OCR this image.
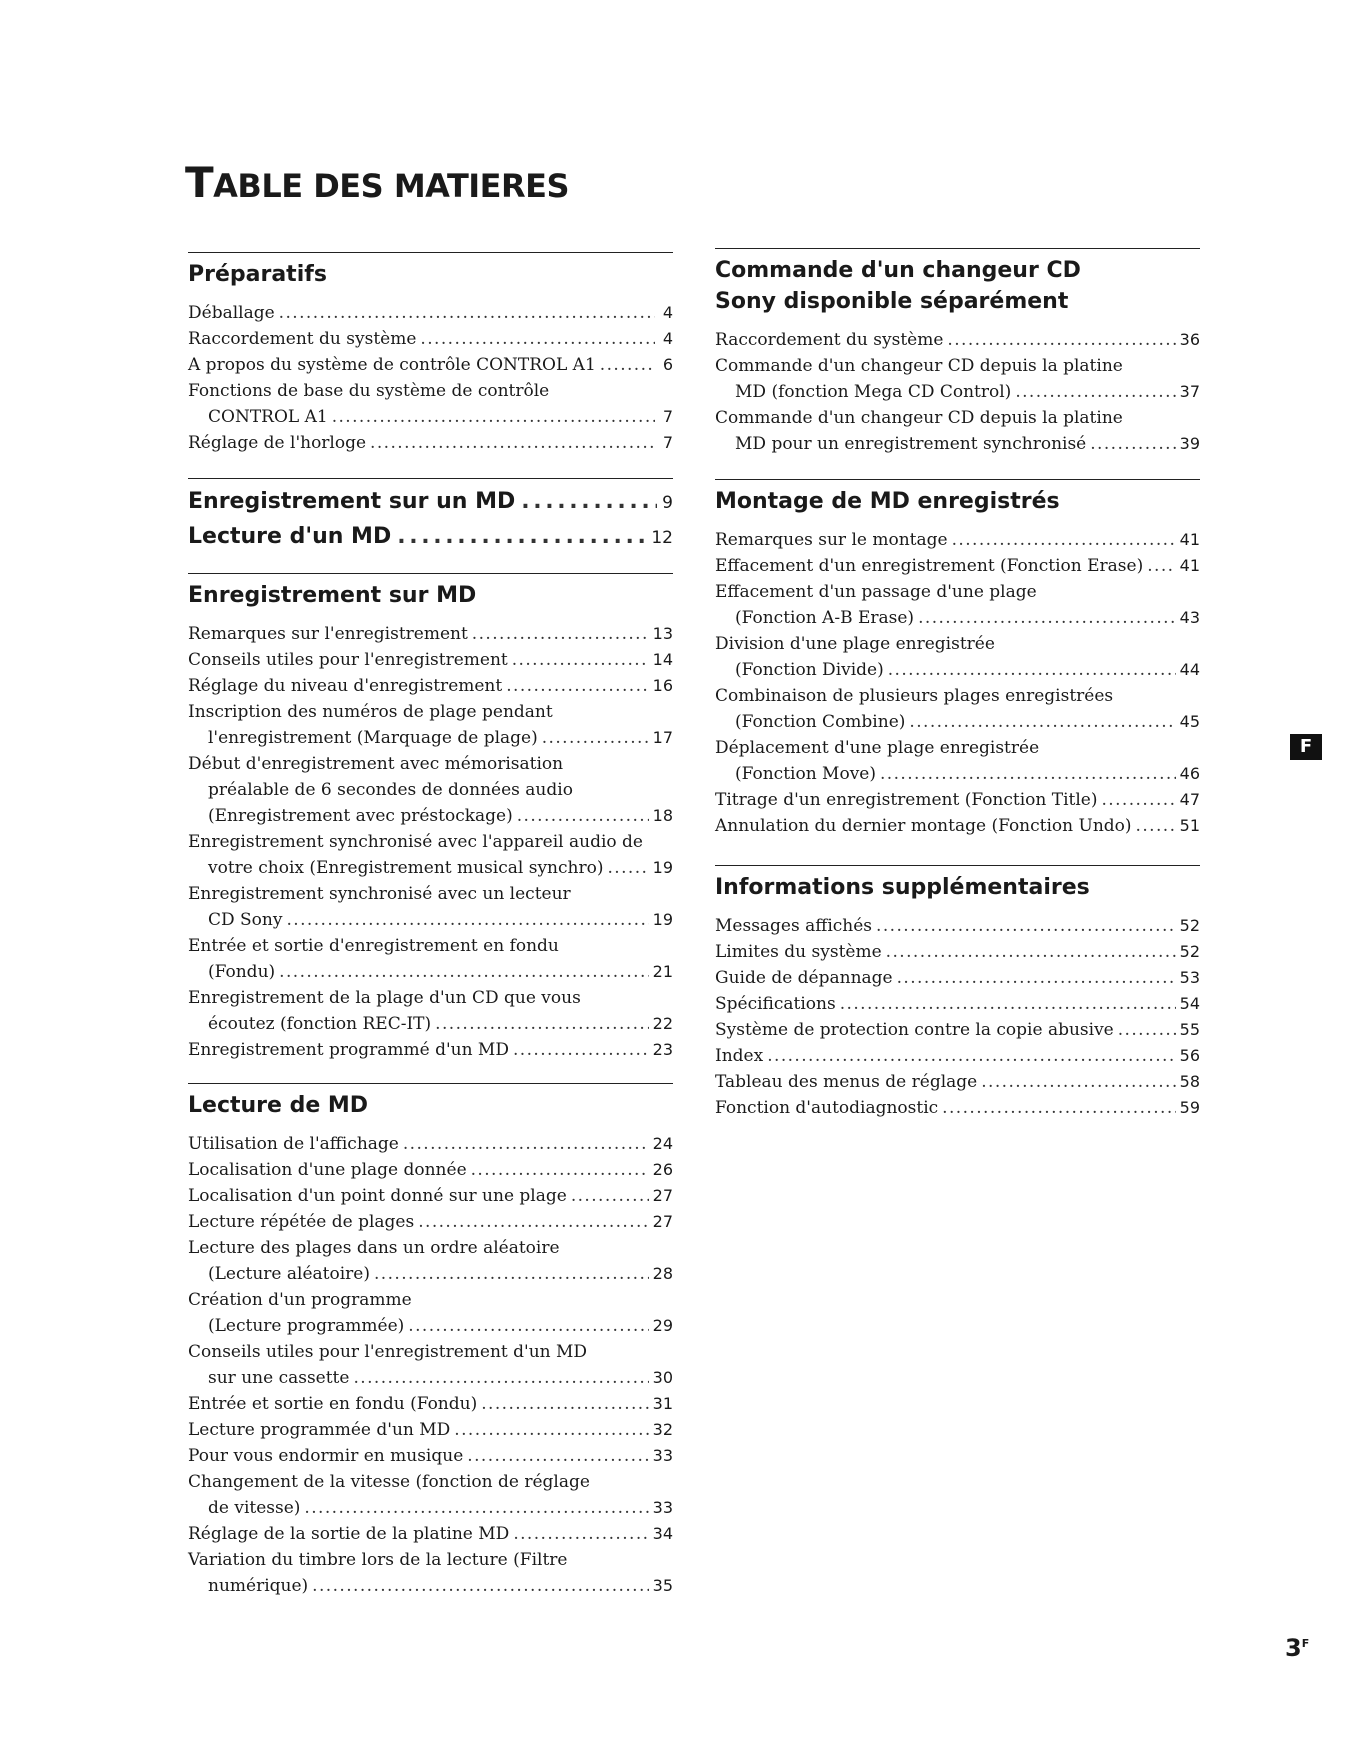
TABLE DES MATIERES
Préparatifs
Déballage . . .	4
Raccordement du système . . .	4
A propos du système de contrôle CONTROL A1 . . .	6
Fonctions de base du système de contrôle
CONTROL A1 . . .	7
Réglage de l'horloge . . .	7
Enregistrement sur un MD . . .	9
Lecture d'un MD . . .	12
Enregistrement sur MD
Remarques sur l'enregistrement . . .	13
Conseils utiles pour l'enregistrement . . .	14
Réglage du niveau d'enregistrement . . .	16
Inscription des numéros de plage pendant
l'enregistrement (Marquage de plage) . . .	17
Début d'enregistrement avec mémorisation
préalable de 6 secondes de données audio
(Enregistrement avec préstockage) . . .	18
Enregistrement synchronisé avec l'appareil audio de
votre choix (Enregistrement musical synchro) . . .	19
Enregistrement synchronisé avec un lecteur
CD Sony . . .	19
Entrée et sortie d'enregistrement en fondu
(Fondu) . . .	21
Enregistrement de la plage d'un CD que vous
écoutez (fonction REC-IT) . . .	22
Enregistrement programmé d'un MD . . .	23
Lecture de MD
Utilisation de l'affichage . . .	24
Localisation d'une plage donnée . . .	26
Localisation d'un point donné sur une plage . . .	27
Lecture répétée de plages . . .	27
Lecture des plages dans un ordre aléatoire
(Lecture aléatoire) . . .	28
Création d'un programme
(Lecture programmée) . . .	29
Conseils utiles pour l'enregistrement d'un MD
sur une cassette . . .	30
Entrée et sortie en fondu (Fondu) . . .	31
Lecture programmée d'un MD . . .	32
Pour vous endormir en musique . . .	33
Changement de la vitesse (fonction de réglage
de vitesse) . . .	33
Réglage de la sortie de la platine MD . . .	34
Variation du timbre lors de la lecture (Filtre
numérique) . . .	35
Commande d'un changeur CD Sony disponible séparément
Raccordement du système . . .	36
Commande d'un changeur CD depuis la platine
MD (fonction Mega CD Control) . . .	37
Commande d'un changeur CD depuis la platine
MD pour un enregistrement synchronisé . . .	39
Montage de MD enregistrés
Remarques sur le montage . . .	41
Effacement d'un enregistrement (Fonction Erase) . . . 41
Effacement d'un passage d'une plage
(Fonction A-B Erase) . . .	43
Division d'une plage enregistrée
(Fonction Divide) . . .	44
Combinaison de plusieurs plages enregistrées
(Fonction Combine) . . .	45
Déplacement d'une plage enregistrée
(Fonction Move) . . .	46
Titrage d'un enregistrement (Fonction Title) . . .	47
Annulation du dernier montage (Fonction Undo) . . .	51
Informations supplémentaires
Messages affichés . . .	52
Limites du système . . .	52
Guide de dépannage . . .	53
Spécifications . . .	54
Système de protection contre la copie abusive . . .	55
Index . . .	56
Tableau des menus de réglage . . .	58
Fonction d'autodiagnostic . . .	59
F
$3^F$
